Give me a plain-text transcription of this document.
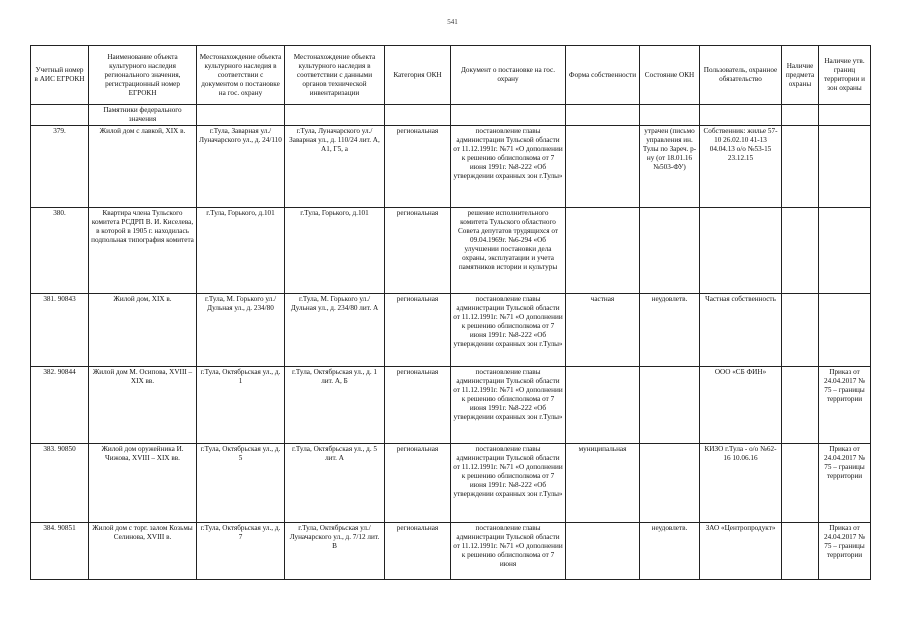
541
Учетный номер в АИС ЕГРОКН	Наименование объекта культурного наследия регионального значения, регистрационный номер ЕГРОКН	Местонахождение объекта культурного наследия в соответствии с документом о постановке на гос. охрану	Местонахождение объекта культурного наследия в соответствии с данными органов технической инвентаризации	Категория ОКН	Документ о постановке на гос. охрану	Форма собственности	Состояние ОКН	Пользователь, охранное обязательство	Наличие предмета охраны	Наличие утв. границ территории и зон охраны
	Памятники федерального значения									
379.	Жилой дом с лавкой, XIX в.	г.Тула, Заварная ул./Луначарского ул., д. 24/110	г.Тула, Луначарского ул./ Заварная ул., д. 110/24 лит. А, А1, Г5, а	региональная	постановление главы администрации Тульской области от 11.12.1991г. №71 «О дополнении к решению облисполкома от 7 июня 1991г. №8-222 «Об утверждении охранных зон г.Тулы»		утрачен (письмо управления ин. Тулы по Зареч. р-ну (от 18.01.16 №503-ФУ)	Собственник: жилье 57-10 26.02.10 41-13 04.04.13 о/о №53-15 23.12.15		
380.	Квартира члена Тульского комитета РСДРП В. И. Киселева, в которой в 1905 г. находилась подпольная типография комитета	г.Тула, Горького, д.101	г.Тула, Горького, д.101	региональная	решение исполнительного комитета Тульского областного Совета депутатов трудящихся от 09.04.1969г. №6-294 «Об улучшении постановки дела охраны, эксплуатации и учета памятников истории и культуры					
381. 90843	Жилой дом, XIX в.	г.Тула, М. Горького ул./ Дульная ул., д. 234/80	г.Тула, М. Горького ул./ Дульная ул., д. 234/80 лит. А	региональная	постановление главы администрации Тульской области от 11.12.1991г. №71 «О дополнении к решению облисполкома от 7 июня 1991г. №8-222 «Об утверждении охранных зон г.Тулы»	частная	неудовлетв.	Частная собственность		
382. 90844	Жилой дом М. Осипова, XVIII – XIX вв.	г.Тула, Октябрьская ул., д. 1	г.Тула, Октябрьская ул., д. 1 лит. А, Б	региональная	постановление главы администрации Тульской области от 11.12.1991г. №71 «О дополнении к решению облисполкома от 7 июня 1991г. №8-222 «Об утверждении охранных зон г.Тулы»			ООО «СБ ФИН»		Приказ от 24.04.2017 № 75 – границы территории
383. 90850	Жилой дом оружейника И. Чижова, XVIII – XIX вв.	г.Тула, Октябрьская ул., д. 5	г.Тула, Октябрьская ул., д. 5 лит. А	региональная	постановление главы администрации Тульской области от 11.12.1991г. №71 «О дополнении к решению облисполкома от 7 июня 1991г. №8-222 «Об утверждении охранных зон г.Тулы»	муниципальная		КИЗО г.Тула - о/о №62-16 10.06.16		Приказ от 24.04.2017 № 75 – границы территории
384. 90851	Жилой дом с торг. залом Козьмы Селинова, XVIII в.	г.Тула, Октябрьская ул., д. 7	г.Тула, Октябрьская ул./ Луначарского ул., д. 7/12 лит. В	региональная	постановление главы администрации Тульской области от 11.12.1991г. №71 «О дополнении к решению облисполкома от 7 июня		неудовлетв.	ЗАО «Центропродукт»		Приказ от 24.04.2017 № 75 – границы территории
